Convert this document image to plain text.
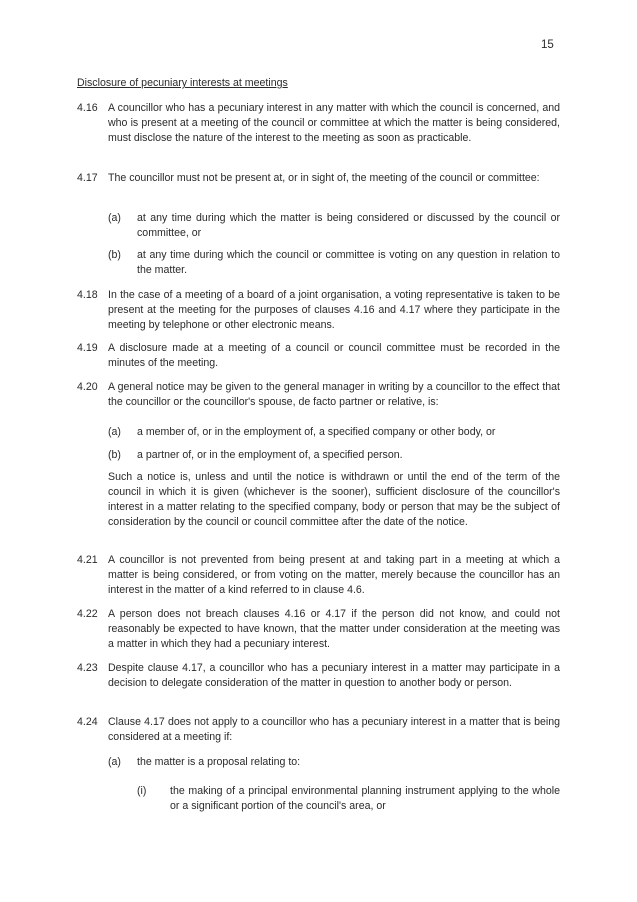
15
Disclosure of pecuniary interests at meetings
4.16 A councillor who has a pecuniary interest in any matter with which the council is concerned, and who is present at a meeting of the council or committee at which the matter is being considered, must disclose the nature of the interest to the meeting as soon as practicable.
4.17 The councillor must not be present at, or in sight of, the meeting of the council or committee:
(a) at any time during which the matter is being considered or discussed by the council or committee, or
(b) at any time during which the council or committee is voting on any question in relation to the matter.
4.18 In the case of a meeting of a board of a joint organisation, a voting representative is taken to be present at the meeting for the purposes of clauses 4.16 and 4.17 where they participate in the meeting by telephone or other electronic means.
4.19 A disclosure made at a meeting of a council or council committee must be recorded in the minutes of the meeting.
4.20 A general notice may be given to the general manager in writing by a councillor to the effect that the councillor or the councillor's spouse, de facto partner or relative, is:
(a) a member of, or in the employment of, a specified company or other body, or
(b) a partner of, or in the employment of, a specified person.
Such a notice is, unless and until the notice is withdrawn or until the end of the term of the council in which it is given (whichever is the sooner), sufficient disclosure of the councillor's interest in a matter relating to the specified company, body or person that may be the subject of consideration by the council or council committee after the date of the notice.
4.21 A councillor is not prevented from being present at and taking part in a meeting at which a matter is being considered, or from voting on the matter, merely because the councillor has an interest in the matter of a kind referred to in clause 4.6.
4.22 A person does not breach clauses 4.16 or 4.17 if the person did not know, and could not reasonably be expected to have known, that the matter under consideration at the meeting was a matter in which they had a pecuniary interest.
4.23 Despite clause 4.17, a councillor who has a pecuniary interest in a matter may participate in a decision to delegate consideration of the matter in question to another body or person.
4.24 Clause 4.17 does not apply to a councillor who has a pecuniary interest in a matter that is being considered at a meeting if:
(a) the matter is a proposal relating to:
(i) the making of a principal environmental planning instrument applying to the whole or a significant portion of the council's area, or
